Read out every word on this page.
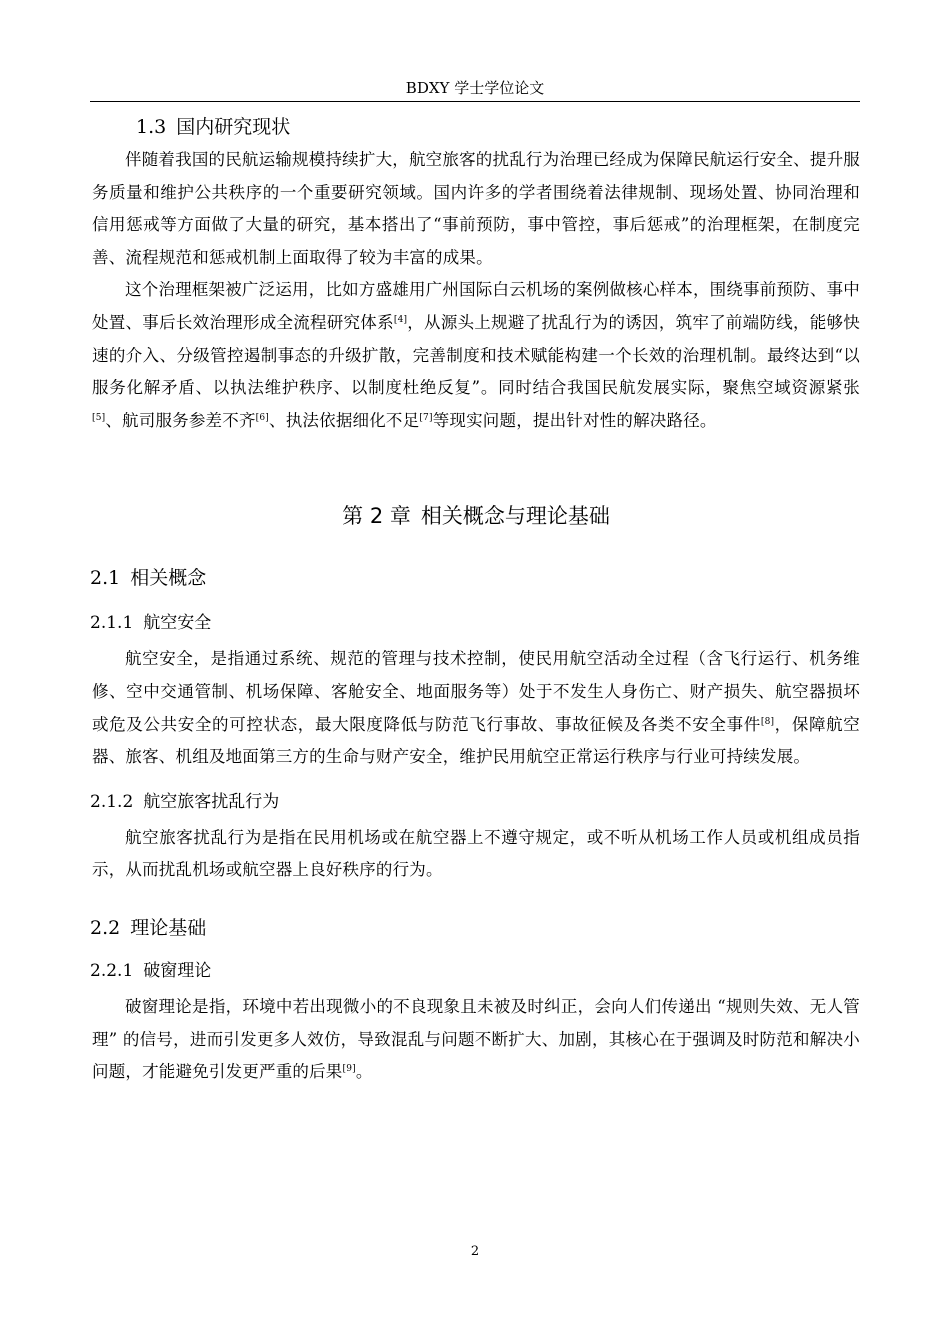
BDXY 学士学位论文
1.3 国内研究现状

伴随着我国的民航运输规模持续扩大，航空旅客的扰乱行为治理已经成为保障民航运行安全、提升服务质量和维护公共秩序的一个重要研究领域。国内许多的学者围绕着法律规制、现场处置、协同治理和信用惩戒等方面做了大量的研究，基本搭出了“事前预防，事中管控，事后惩戒”的治理框架，在制度完善、流程规范和惩戒机制上面取得了较为丰富的成果。

这个治理框架被广泛运用，比如方盛雄用广州国际白云机场的案例做核心样本，围绕事前预防、事中处置、事后长效治理形成全流程研究体系[4]，从源头上规避了扰乱行为的诱因，筑牢了前端防线，能够快速的介入、分级管控遏制事态的升级扩散，完善制度和技术赋能构建一个长效的治理机制。最终达到“以服务化解矛盾、以执法维护秩序、以制度杜绝反复”。同时结合我国民航发展实际，聚焦空域资源紧张[5]、航司服务参差不齐[6]、执法依据细化不足[7]等现实问题，提出针对性的解决路径。

第 2 章 相关概念与理论基础
2.1 相关概念
2.1.1 航空安全

航空安全，是指通过系统、规范的管理与技术控制，使民用航空活动全过程（含飞行运行、机务维修、空中交通管制、机场保障、客舱安全、地面服务等）处于不发生人身伤亡、财产损失、航空器损坏或危及公共安全的可控状态，最大限度降低与防范飞行事故、事故征候及各类不安全事件[8]，保障航空器、旅客、机组及地面第三方的生命与财产安全，维护民用航空正常运行秩序与行业可持续发展。

2.1.2 航空旅客扰乱行为

航空旅客扰乱行为是指在民用机场或在航空器上不遵守规定，或不听从机场工作人员或机组成员指示，从而扰乱机场或航空器上良好秩序的行为。

2.2 理论基础
2.2.1 破窗理论

破窗理论是指，环境中若出现微小的不良现象且未被及时纠正，会向人们传递出 “规则失效、无人管理” 的信号，进而引发更多人效仿，导致混乱与问题不断扩大、加剧，其核心在于强调及时防范和解决小问题，才能避免引发更严重的后果[9]。

2
